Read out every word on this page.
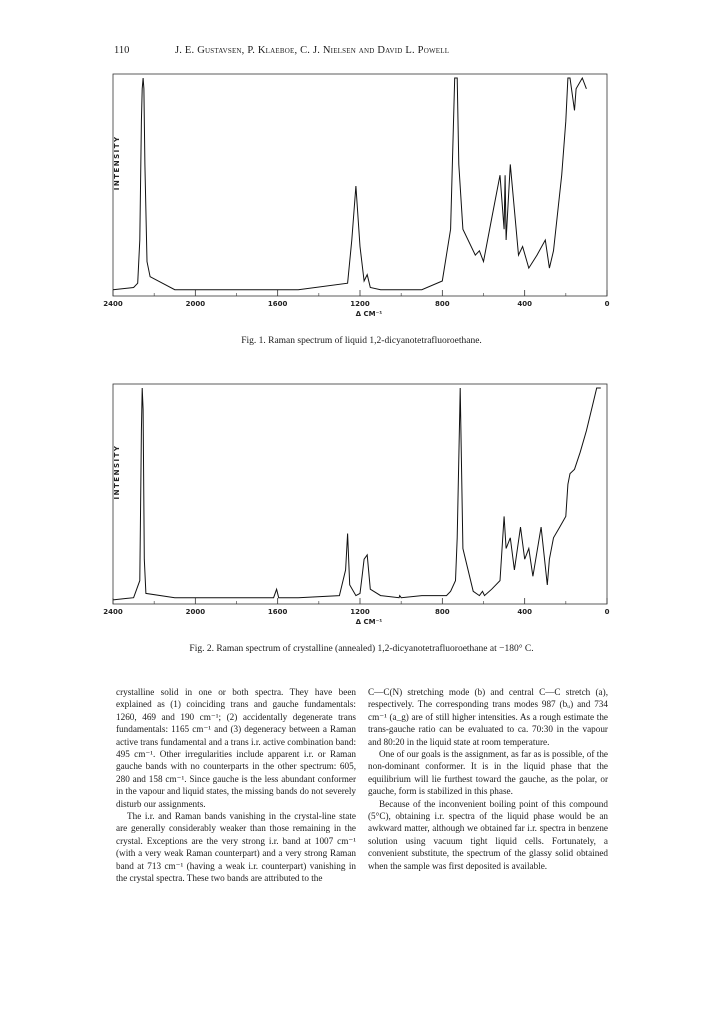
110	J. E. Gustavsen, P. Klaeboe, C. J. Nielsen and David L. Powell
INTENSITY
2400	2000	1600	1200	800	400	0
Δ CM⁻¹
Fig. 1. Raman spectrum of liquid 1,2-dicyanotetrafluoroethane.
INTENSITY
2400	2000	1600	1200	800	400	0
Δ CM⁻¹
Fig. 2. Raman spectrum of crystalline (annealed) 1,2-dicyanotetrafluoroethane at −180° C.

crystalline solid in one or both spectra. They have been explained as (1) coinciding trans and gauche fundamentals: 1260, 469 and 190 cm⁻¹; (2) accidentally degenerate trans fundamentals: 1165 cm⁻¹ and (3) degeneracy between a Raman active trans fundamental and a trans i.r. active combination band: 495 cm⁻¹. Other irregularities include apparent i.r. or Raman gauche bands with no counterparts in the other spectrum: 605, 280 and 158 cm⁻¹. Since gauche is the less abundant conformer in the vapour and liquid states, the missing bands do not severely disturb our assignments.

The i.r. and Raman bands vanishing in the crystal-line state are generally considerably weaker than those remaining in the crystal. Exceptions are the very strong i.r. band at 1007 cm⁻¹ (with a very weak Raman counterpart) and a very strong Raman band at 713 cm⁻¹ (having a weak i.r. counterpart) vanishing in the crystal spectra. These two bands are attributed to the

C—C(N) stretching mode (b) and central C—C stretch (a), respectively. The corresponding trans modes 987 (bᵤ) and 734 cm⁻¹ (a_g) are of still higher intensities. As a rough estimate the trans-gauche ratio can be evaluated to ca. 70:30 in the vapour and 80:20 in the liquid state at room temperature.

One of our goals is the assignment, as far as is possible, of the non-dominant conformer. It is in the liquid phase that the equilibrium will lie furthest toward the gauche, as the polar, or gauche, form is stabilized in this phase.

Because of the inconvenient boiling point of this compound (5°C), obtaining i.r. spectra of the liquid phase would be an awkward matter, although we obtained far i.r. spectra in benzene solution using vacuum tight liquid cells. Fortunately, a convenient substitute, the spectrum of the glassy solid obtained when the sample was first deposited is available.
